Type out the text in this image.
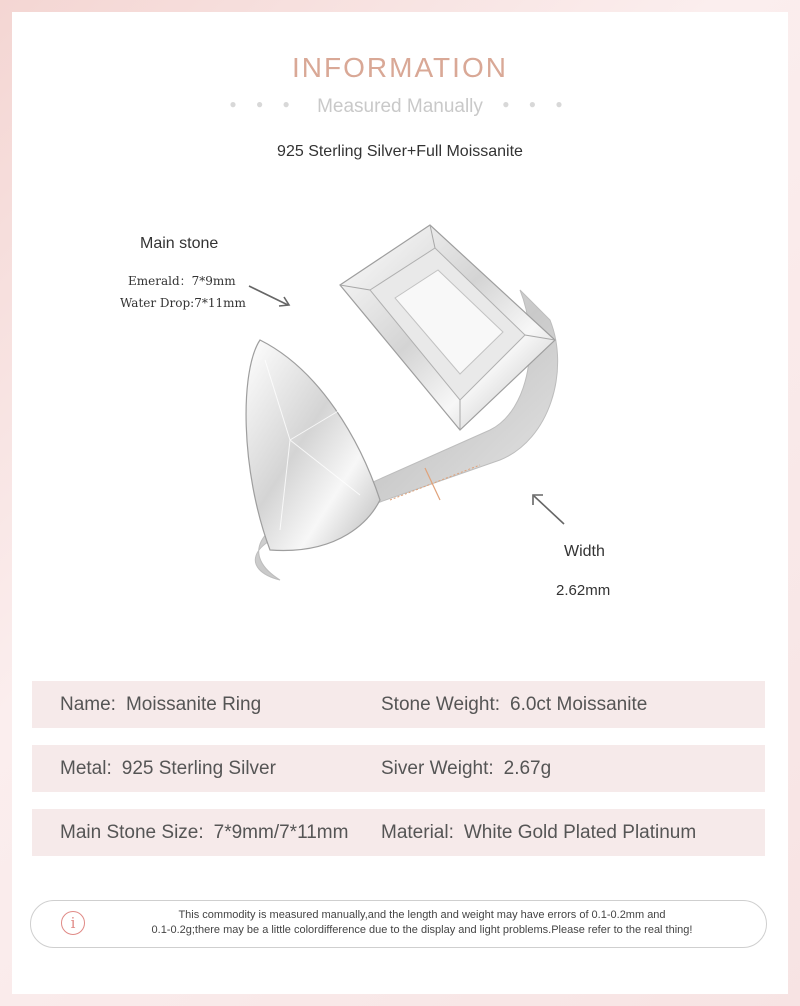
INFORMATION
● ● ● Measured Manually ● ● ●
925 Sterling Silver+Full Moissanite
Main stone
Emerald：7*9mm
Water Drop:7*11mm
Width
2.62mm
Name: Moissanite Ring	Stone Weight: 6.0ct Moissanite
Metal: 925 Sterling Silver	Siver Weight: 2.67g
Main Stone Size: 7*9mm/7*11mm Material: White Gold Plated Platinum
i	This commodity is measured manually,and the length and weight may have errors of 0.1-0.2mm and
0.1-0.2g;there may be a little colordifference due to the display and light problems.Please refer to the real thing!
